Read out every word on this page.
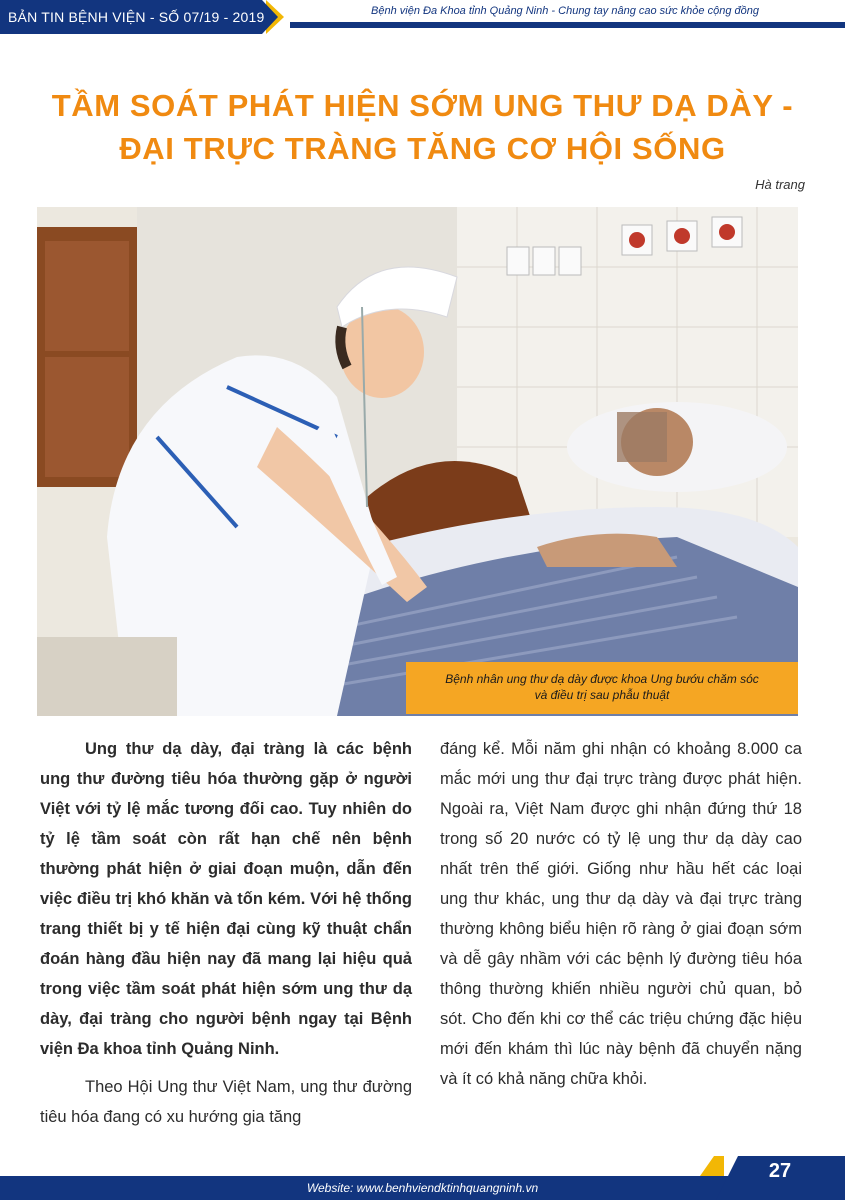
BẢN TIN BỆNH VIỆN - SỐ 07/19 - 2019	Bệnh viện Đa Khoa tỉnh Quảng Ninh - Chung tay nâng cao sức khỏe cộng đồng
TẦM SOÁT PHÁT HIỆN SỚM UNG THƯ DẠ DÀY -
ĐẠI TRỰC TRÀNG TĂNG CƠ HỘI SỐNG
Hà trang
Bệnh nhân ung thư dạ dày được khoa Ung bướu chăm sóc
và điều trị sau phẫu thuật

Ung thư dạ dày, đại tràng là các bệnh ung thư đường tiêu hóa thường gặp ở người Việt với tỷ lệ mắc tương đối cao. Tuy nhiên do tỷ lệ tầm soát còn rất hạn chế nên bệnh thường phát hiện ở giai đoạn muộn, dẫn đến việc điều trị khó khăn và tốn kém. Với hệ thống trang thiết bị y tế hiện đại cùng kỹ thuật chẩn đoán hàng đầu hiện nay đã mang lại hiệu quả trong việc tầm soát phát hiện sớm ung thư dạ dày, đại tràng cho người bệnh ngay tại Bệnh viện Đa khoa tỉnh Quảng Ninh.

Theo Hội Ung thư Việt Nam, ung thư đường tiêu hóa đang có xu hướng gia tăng

đáng kể. Mỗi năm ghi nhận có khoảng 8.000 ca mắc mới ung thư đại trực tràng được phát hiện. Ngoài ra, Việt Nam được ghi nhận đứng thứ 18 trong số 20 nước có tỷ lệ ung thư dạ dày cao nhất trên thế giới. Giống như hầu hết các loại ung thư khác, ung thư dạ dày và đại trực tràng thường không biểu hiện rõ ràng ở giai đoạn sớm và dễ gây nhầm với các bệnh lý đường tiêu hóa thông thường khiến nhiều người chủ quan, bỏ sót. Cho đến khi cơ thể các triệu chứng đặc hiệu mới đến khám thì lúc này bệnh đã chuyển nặng và ít có khả năng chữa khỏi.

Website: www.benhviendktinhquangninh.vn
27
